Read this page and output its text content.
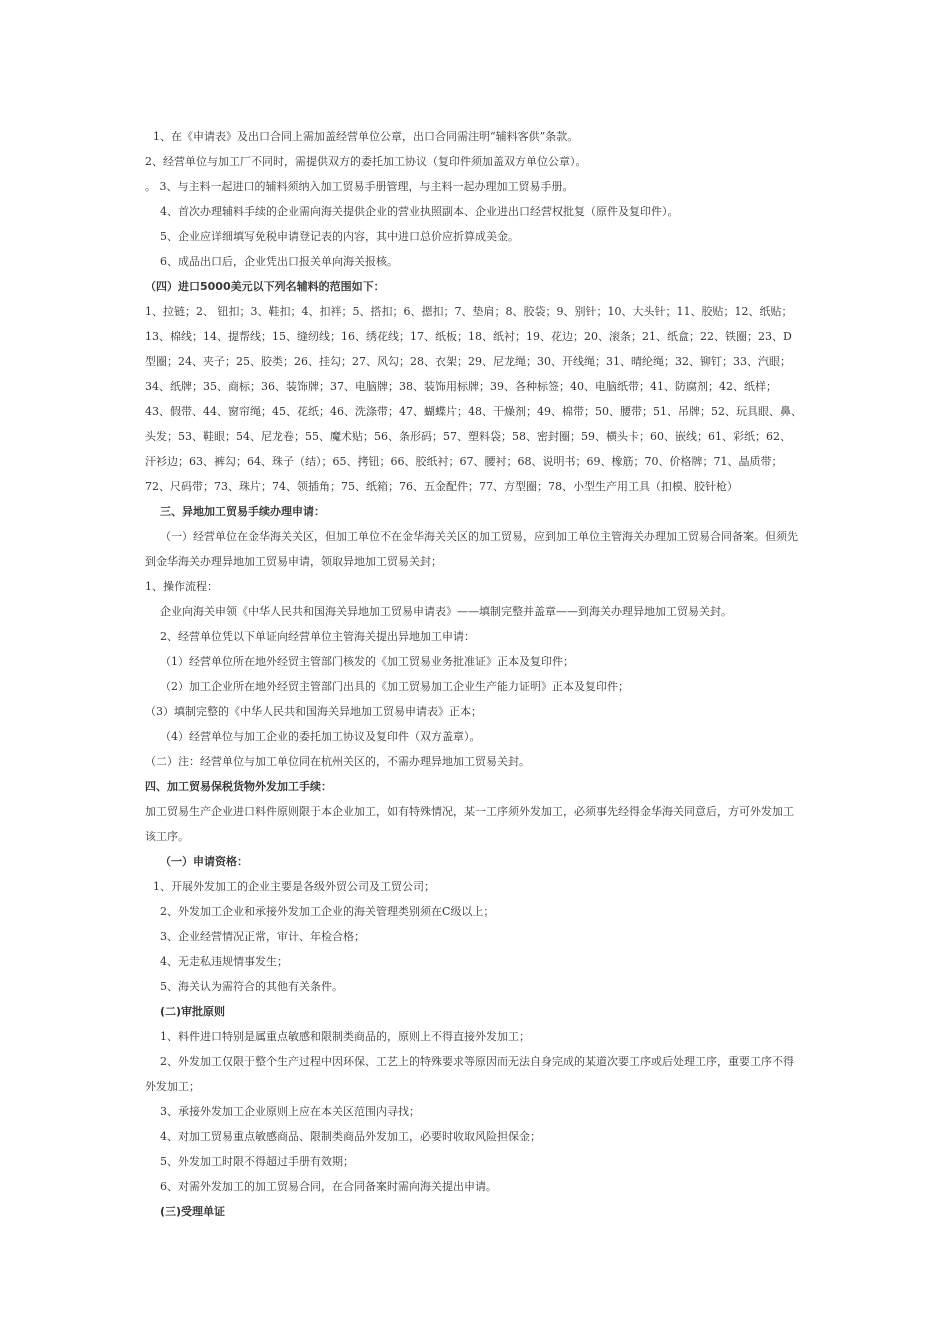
1、在《申请表》及出口合同上需加盖经营单位公章，出口合同需注明“辅料客供”条款。
2、经营单位与加工厂不同时，需提供双方的委托加工协议（复印件须加盖双方单位公章）。
。 3、与主料一起进口的辅料须纳入加工贸易手册管理，与主料一起办理加工贸易手册。
4、首次办理辅料手续的企业需向海关提供企业的营业执照副本、企业进出口经营权批复（原件及复印件）。
5、企业应详细填写免税申请登记表的内容，其中进口总价应折算成美金。
6、成品出口后，企业凭出口报关单向海关报核。
（四）进口5000美元以下列名辅料的范围如下：
1、拉链；2、 钮扣；3、鞋扣；4、扣袢；5、搭扣；6、摁扣；7、垫肩；8、胶袋；9、别针；10、大头针；11、胶贴；12、纸贴；
13、棉线；14、提帮线；15、缝纫线；16、绣花线；17、纸板；18、纸衬；19、花边；20、滚条；21、纸盒；22、铁圈；23、D
型圈；24、夹子；25、胶类；26、挂勾；27、风勾；28、衣架；29、尼龙绳；30、开线绳；31、晴纶绳；32、铆钉；33、汽眼；
34、纸牌；35、商标；36、装饰牌；37、电脑牌；38、装饰用标牌；39、各种标签；40、电脑纸带；41、防腐剂；42、纸样；
43、假带、44、窗帘绳；45、花纸；46、洗涤带；47、蝴蝶片；48、干燥剂；49、棉带；50、腰带；51、吊牌；52、玩具眼、鼻、
头发；53、鞋眼；54、尼龙卷；55、魔术贴；56、条形码；57、塑料袋；58、密封圈；59、横头卡；60、嵌线；61、彩纸；62、
汗衫边；63、裤勾；64、珠子（结）；65、拷钮；66、胶纸衬；67、腰衬；68、说明书；69、橡筋；70、价格牌；71、晶质带；
72、尺码带；73、珠片；74、领插角；75、纸箱；76、五金配件；77、方型圈；78、小型生产用工具（扣模、胶针枪）
三、异地加工贸易手续办理申请：
（一）经营单位在金华海关关区，但加工单位不在金华海关关区的加工贸易，应到加工单位主管海关办理加工贸易合同备案。但须先
到金华海关办理异地加工贸易申请，领取异地加工贸易关封；
1、操作流程：
企业向海关申领《中华人民共和国海关异地加工贸易申请表》——填制完整并盖章——到海关办理异地加工贸易关封。
2、经营单位凭以下单证向经营单位主管海关提出异地加工申请：
（1）经营单位所在地外经贸主管部门核发的《加工贸易业务批准证》正本及复印件；
（2）加工企业所在地外经贸主管部门出具的《加工贸易加工企业生产能力证明》正本及复印件；
（3）填制完整的《中华人民共和国海关异地加工贸易申请表》正本；
（4）经营单位与加工企业的委托加工协议及复印件（双方盖章）。
（二）注：经营单位与加工单位同在杭州关区的，不需办理异地加工贸易关封。
四、加工贸易保税货物外发加工手续：
加工贸易生产企业进口料件原则限于本企业加工，如有特殊情况，某一工序须外发加工，必须事先经得金华海关同意后，方可外发加工
该工序。
（一）申请资格：
1、开展外发加工的企业主要是各级外贸公司及工贸公司；
2、外发加工企业和承接外发加工企业的海关管理类别须在C级以上；
3、企业经营情况正常，审计、年检合格；
4、无走私违规情事发生；
5、海关认为需符合的其他有关条件。
(二)审批原则
1、料件进口特别是属重点敏感和限制类商品的，原则上不得直接外发加工；
2、外发加工仅限于整个生产过程中因环保、工艺上的特殊要求等原因而无法自身完成的某道次要工序或后处理工序，重要工序不得
外发加工；
3、承接外发加工企业原则上应在本关区范围内寻找；
4、对加工贸易重点敏感商品、限制类商品外发加工，必要时收取风险担保金；
5、外发加工时限不得超过手册有效期；
6、对需外发加工的加工贸易合同，在合同备案时需向海关提出申请。
(三)受理单证
